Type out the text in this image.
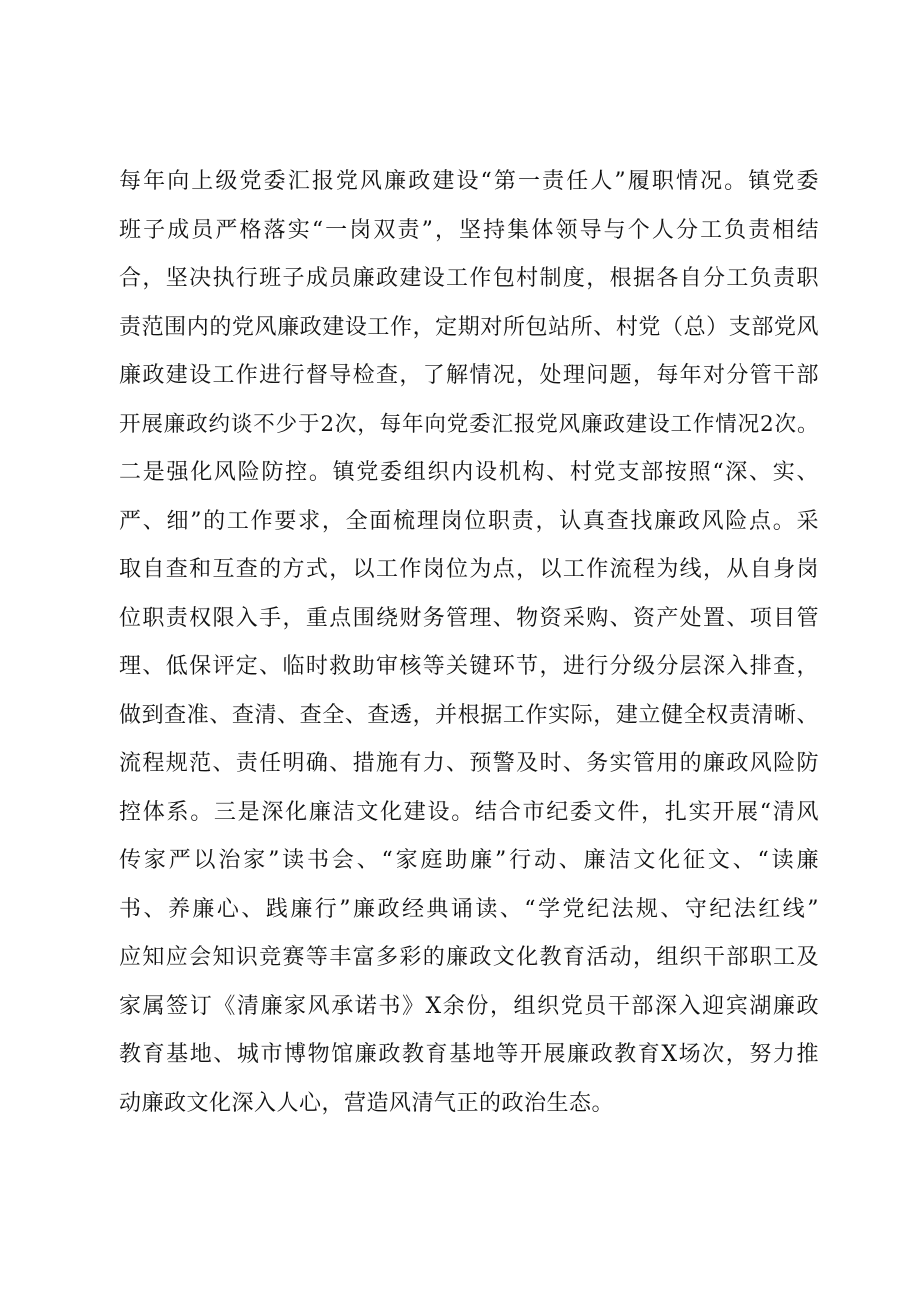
每年向上级党委汇报党风廉政建设“第一责任人”履职情况。镇党委
班子成员严格落实“一岗双责”，坚持集体领导与个人分工负责相结
合，坚决执行班子成员廉政建设工作包村制度，根据各自分工负责职
责范围内的党风廉政建设工作，定期对所包站所、村党（总）支部党风
廉政建设工作进行督导检查，了解情况，处理问题，每年对分管干部
开展廉政约谈不少于2次，每年向党委汇报党风廉政建设工作情况2次。
二是强化风险防控。镇党委组织内设机构、村党支部按照“深、实、
严、细”的工作要求，全面梳理岗位职责，认真查找廉政风险点。采
取自查和互查的方式，以工作岗位为点，以工作流程为线，从自身岗
位职责权限入手，重点围绕财务管理、物资采购、资产处置、项目管
理、低保评定、临时救助审核等关键环节，进行分级分层深入排查，
做到查准、查清、查全、查透，并根据工作实际，建立健全权责清晰、
流程规范、责任明确、措施有力、预警及时、务实管用的廉政风险防
控体系。三是深化廉洁文化建设。结合市纪委文件，扎实开展“清风
传家严以治家”读书会、“家庭助廉”行动、廉洁文化征文、“读廉
书、养廉心、践廉行”廉政经典诵读、“学党纪法规、守纪法红线”
应知应会知识竞赛等丰富多彩的廉政文化教育活动，组织干部职工及
家属签订《清廉家风承诺书》X余份，组织党员干部深入迎宾湖廉政
教育基地、城市博物馆廉政教育基地等开展廉政教育X场次，努力推
动廉政文化深入人心，营造风清气正的政治生态。
